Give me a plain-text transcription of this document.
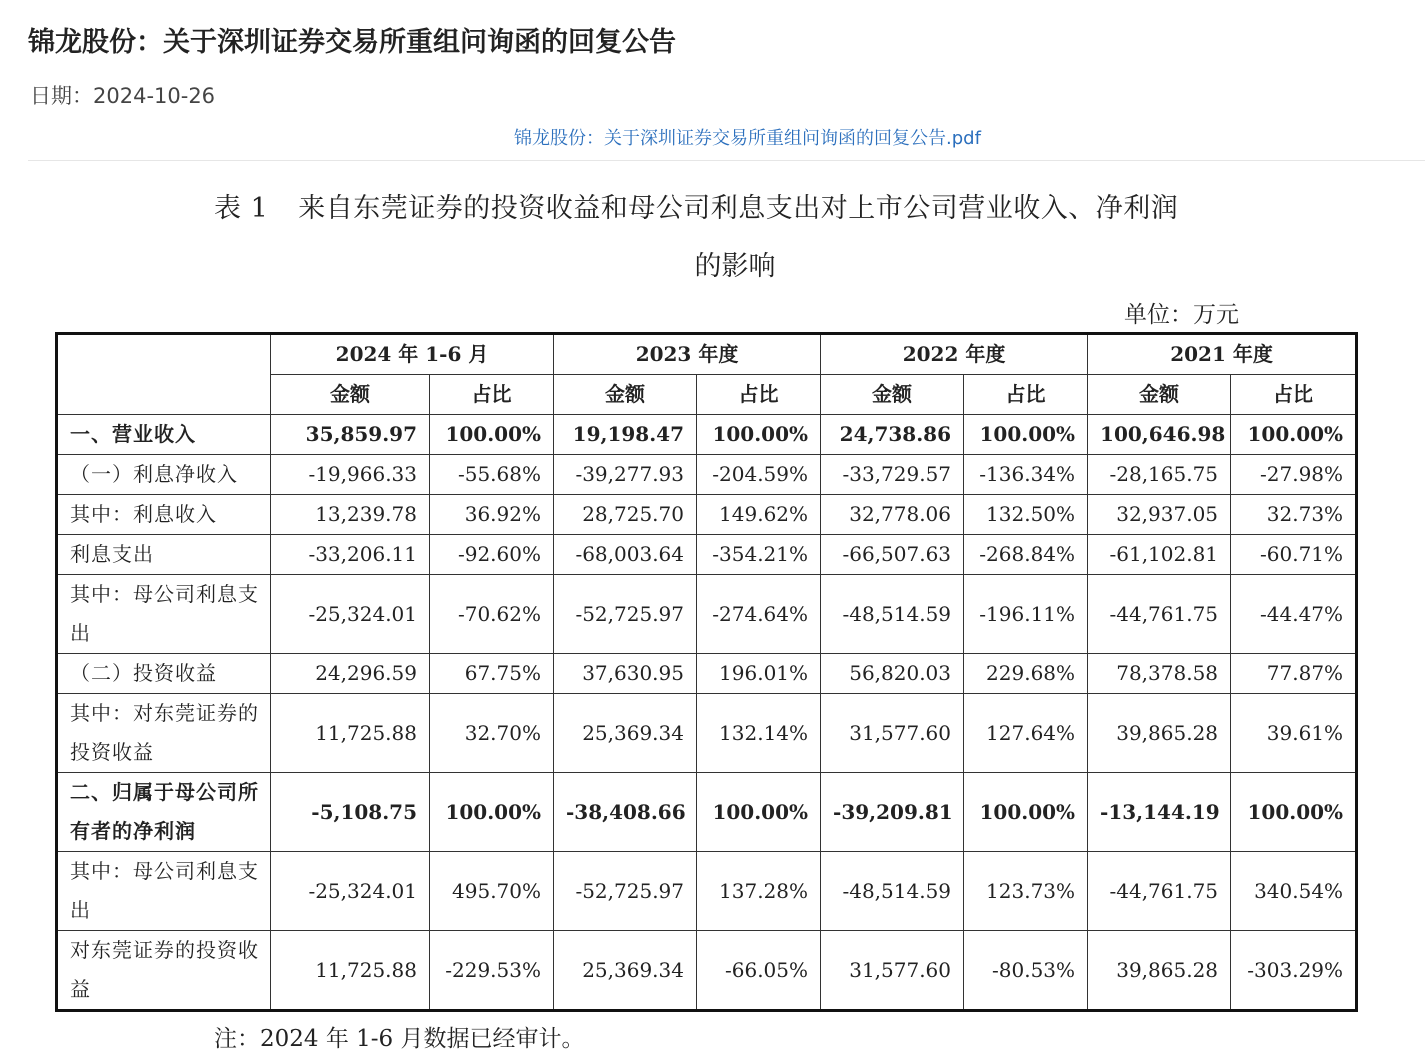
锦龙股份：关于深圳证券交易所重组问询函的回复公告
日期：2024-10-26
锦龙股份：关于深圳证券交易所重组问询函的回复公告.pdf
表 1 来自东莞证券的投资收益和母公司利息支出对上市公司营业收入、净利润
的影响
单位：万元
	2024 年 1-6 月		2023 年度		2022 年度		2021 年度	
	金额	占比	金额	占比	金额	占比	金额	占比
一、营业收入	35,859.97	100.00%	19,198.47	100.00%	24,738.86	100.00%	100,646.98	100.00%
（一）利息净收入	-19,966.33	-55.68%	-39,277.93	-204.59%	-33,729.57	-136.34%	-28,165.75	-27.98%
其中：利息收入	13,239.78	36.92%	28,725.70	149.62%	32,778.06	132.50%	32,937.05	32.73%
利息支出	-33,206.11	-92.60%	-68,003.64	-354.21%	-66,507.63	-268.84%	-61,102.81	-60.71%
其中：母公司利息支出	-25,324.01	-70.62%	-52,725.97	-274.64%	-48,514.59	-196.11%	-44,761.75	-44.47%
（二）投资收益	24,296.59	67.75%	37,630.95	196.01%	56,820.03	229.68%	78,378.58	77.87%
其中：对东莞证券的投资收益	11,725.88	32.70%	25,369.34	132.14%	31,577.60	127.64%	39,865.28	39.61%
二、归属于母公司所有者的净利润	-5,108.75	100.00%	-38,408.66	100.00%	-39,209.81	100.00%	-13,144.19	100.00%
其中：母公司利息支出	-25,324.01	495.70%	-52,725.97	137.28%	-48,514.59	123.73%	-44,761.75	340.54%
对东莞证券的投资收益	11,725.88	-229.53%	25,369.34	-66.05%	31,577.60	-80.53%	39,865.28	-303.29%
注：2024 年 1-6 月数据已经审计。
